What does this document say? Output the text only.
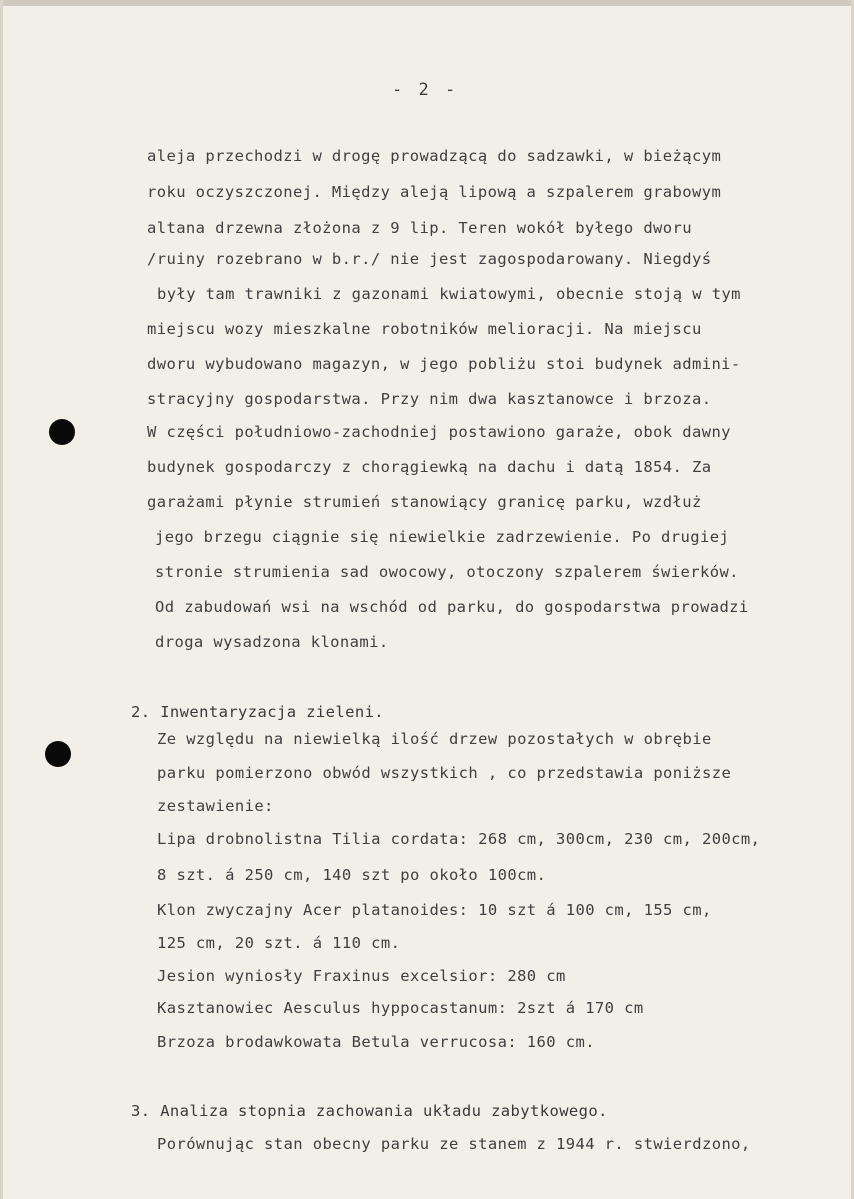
- 2 -
aleja przechodzi w drogę prowadzącą do sadzawki, w bieżącym
roku oczyszczonej. Między aleją lipową a szpalerem grabowym
altana drzewna złożona z 9 lip. Teren wokół byłego dworu
/ruiny rozebrano w b.r./ nie jest zagospodarowany. Niegdyś
były tam trawniki z gazonami kwiatowymi, obecnie stoją w tym
miejscu wozy mieszkalne robotników melioracji. Na miejscu
dworu wybudowano magazyn, w jego pobliżu stoi budynek admini-
stracyjny gospodarstwa. Przy nim dwa kasztanowce i brzoza.
W części południowo-zachodniej postawiono garaże, obok dawny
budynek gospodarczy z chorągiewką na dachu i datą 1854. Za
garażami płynie strumień stanowiący granicę parku, wzdłuż
jego brzegu ciągnie się niewielkie zadrzewienie. Po drugiej
stronie strumienia sad owocowy, otoczony szpalerem świerków.
Od zabudowań wsi na wschód od parku, do gospodarstwa prowadzi
droga wysadzona klonami.
2. Inwentaryzacja zieleni.
Ze względu na niewielką ilość drzew pozostałych w obrębie
parku pomierzono obwód wszystkich , co przedstawia poniższe
zestawienie:
Lipa drobnolistna Tilia cordata: 268 cm, 300cm, 230 cm, 200cm,
8 szt. á 250 cm, 140 szt po około 100cm.
Klon zwyczajny Acer platanoides: 10 szt á 100 cm, 155 cm,
125 cm, 20 szt. á 110 cm.
Jesion wyniosły Fraxinus excelsior: 280 cm
Kasztanowiec Aesculus hyppocastanum: 2szt á 170 cm
Brzoza brodawkowata Betula verrucosa: 160 cm.
3. Analiza stopnia zachowania układu zabytkowego.
Porównując stan obecny parku ze stanem z 1944 r. stwierdzono,
